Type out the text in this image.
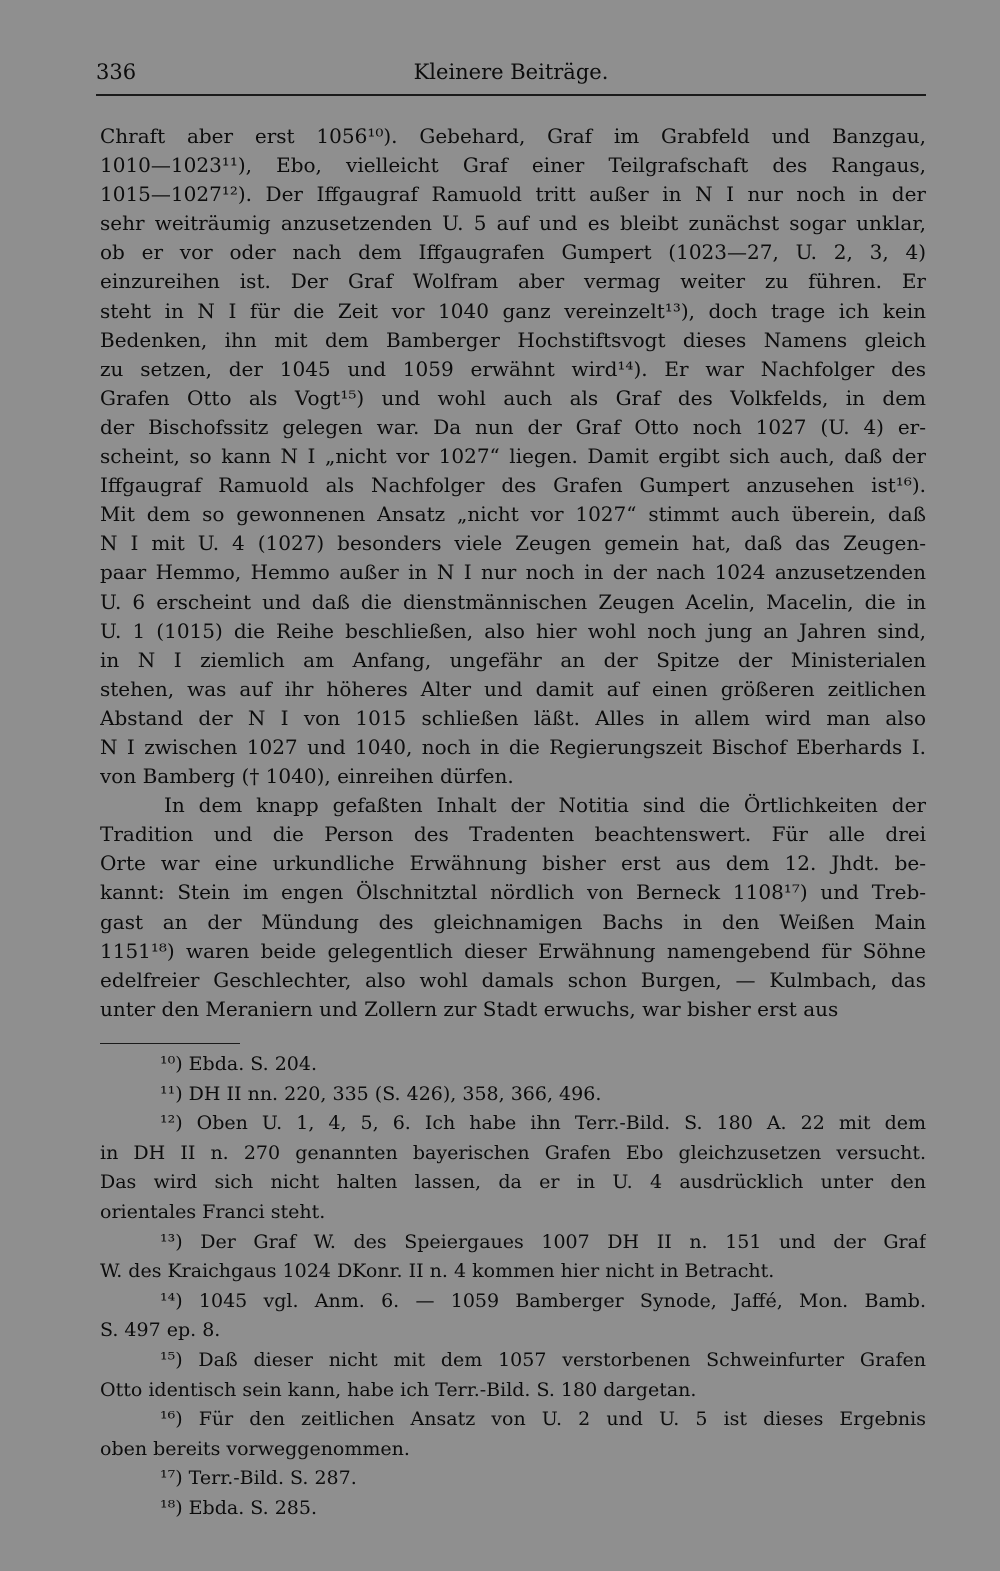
336	Kleinere Beiträge.
Chraft aber erst 1056¹⁰). Gebehard, Graf im Grabfeld und Banzgau,
1010—1023¹¹), Ebo, vielleicht Graf einer Teilgrafschaft des Rangaus,
1015—1027¹²). Der Iffgaugraf Ramuold tritt außer in N I nur noch in der
sehr weiträumig anzusetzenden U. 5 auf und es bleibt zunächst sogar unklar,
ob er vor oder nach dem Iffgaugrafen Gumpert (1023—27, U. 2, 3, 4)
einzureihen ist. Der Graf Wolfram aber vermag weiter zu führen. Er
steht in N I für die Zeit vor 1040 ganz vereinzelt¹³), doch trage ich kein
Bedenken, ihn mit dem Bamberger Hochstiftsvogt dieses Namens gleich
zu setzen, der 1045 und 1059 erwähnt wird¹⁴). Er war Nachfolger des
Grafen Otto als Vogt¹⁵) und wohl auch als Graf des Volkfelds, in dem
der Bischofssitz gelegen war. Da nun der Graf Otto noch 1027 (U. 4) er-
scheint, so kann N I „nicht vor 1027“ liegen. Damit ergibt sich auch, daß der
Iffgaugraf Ramuold als Nachfolger des Grafen Gumpert anzusehen ist¹⁶).
Mit dem so gewonnenen Ansatz „nicht vor 1027“ stimmt auch überein, daß
N I mit U. 4 (1027) besonders viele Zeugen gemein hat, daß das Zeugen-
paar Hemmo, Hemmo außer in N I nur noch in der nach 1024 anzusetzenden
U. 6 erscheint und daß die dienstmännischen Zeugen Acelin, Macelin, die in
U. 1 (1015) die Reihe beschließen, also hier wohl noch jung an Jahren sind,
in N I ziemlich am Anfang, ungefähr an der Spitze der Ministerialen
stehen, was auf ihr höheres Alter und damit auf einen größeren zeitlichen
Abstand der N I von 1015 schließen läßt. Alles in allem wird man also
N I zwischen 1027 und 1040, noch in die Regierungszeit Bischof Eberhards I.
von Bamberg († 1040), einreihen dürfen.
In dem knapp gefaßten Inhalt der Notitia sind die Örtlichkeiten der
Tradition und die Person des Tradenten beachtenswert. Für alle drei
Orte war eine urkundliche Erwähnung bisher erst aus dem 12. Jhdt. be-
kannt: Stein im engen Ölschnitztal nördlich von Berneck 1108¹⁷) und Treb-
gast an der Mündung des gleichnamigen Bachs in den Weißen Main
1151¹⁸) waren beide gelegentlich dieser Erwähnung namengebend für Söhne
edelfreier Geschlechter, also wohl damals schon Burgen, — Kulmbach, das
unter den Meraniern und Zollern zur Stadt erwuchs, war bisher erst aus
¹⁰) Ebda. S. 204.
¹¹) DH II nn. 220, 335 (S. 426), 358, 366, 496.
¹²) Oben U. 1, 4, 5, 6. Ich habe ihn Terr.-Bild. S. 180 A. 22 mit dem
in DH II n. 270 genannten bayerischen Grafen Ebo gleichzusetzen versucht.
Das wird sich nicht halten lassen, da er in U. 4 ausdrücklich unter den
orientales Franci steht.
¹³) Der Graf W. des Speiergaues 1007 DH II n. 151 und der Graf
W. des Kraichgaus 1024 DKonr. II n. 4 kommen hier nicht in Betracht.
¹⁴) 1045 vgl. Anm. 6. — 1059 Bamberger Synode, Jaffé, Mon. Bamb.
S. 497 ep. 8.
¹⁵) Daß dieser nicht mit dem 1057 verstorbenen Schweinfurter Grafen
Otto identisch sein kann, habe ich Terr.-Bild. S. 180 dargetan.
¹⁶) Für den zeitlichen Ansatz von U. 2 und U. 5 ist dieses Ergebnis
oben bereits vorweggenommen.
¹⁷) Terr.-Bild. S. 287.
¹⁸) Ebda. S. 285.
